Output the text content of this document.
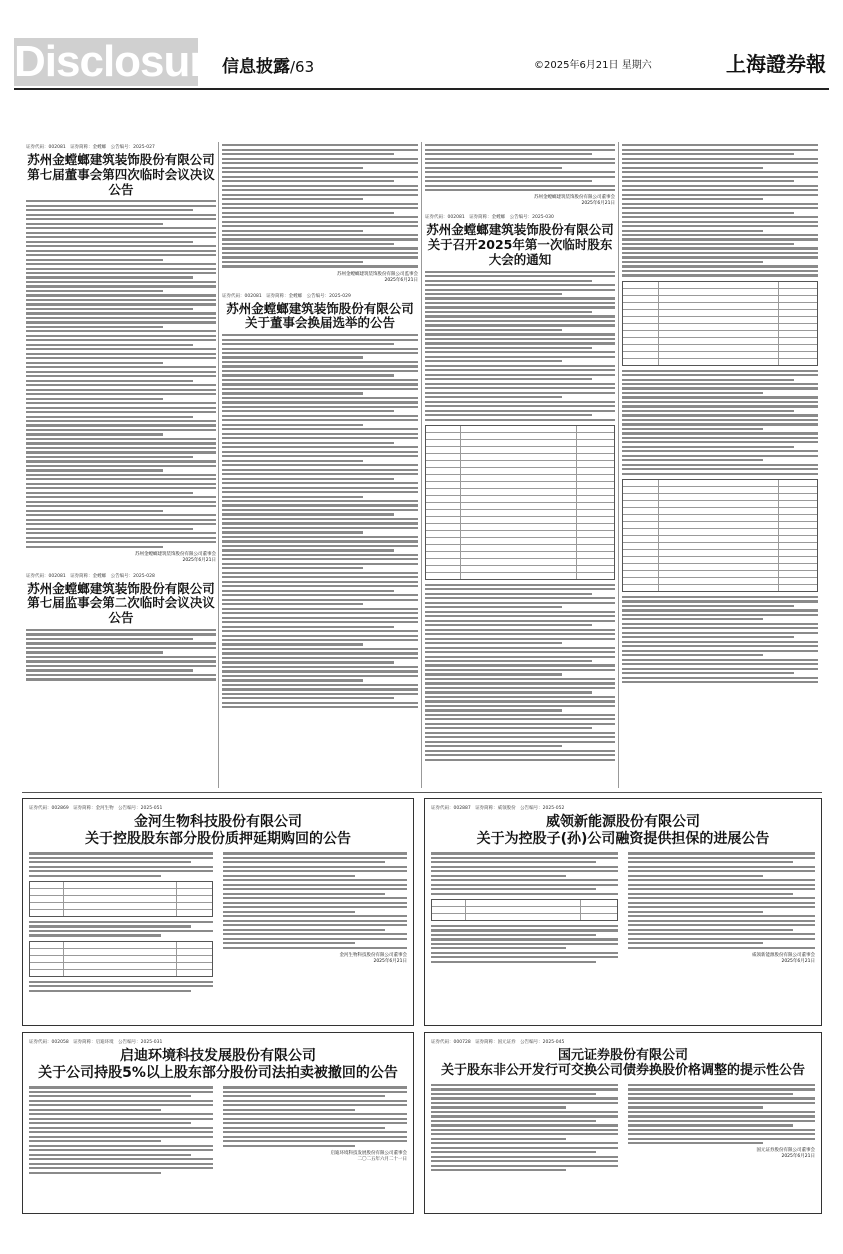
Disclosure
信息披露/63	©2025年6月21日 星期六	上海證券報
证券代码：002081　证券简称：金螳螂　公告编号：2025-027
苏州金螳螂建筑装饰股份有限公司
第七届董事会第四次临时会议决议公告
苏州金螳螂建筑装饰股份有限公司董事会
2025年6月21日
证券代码：002081　证券简称：金螳螂　公告编号：2025-028
苏州金螳螂建筑装饰股份有限公司
第七届监事会第二次临时会议决议公告
苏州金螳螂建筑装饰股份有限公司监事会
2025年6月21日
证券代码：002081　证券简称：金螳螂　公告编号：2025-029
苏州金螳螂建筑装饰股份有限公司
关于董事会换届选举的公告
苏州金螳螂建筑装饰股份有限公司董事会
2025年6月21日
证券代码：002081　证券简称：金螳螂　公告编号：2025-030
苏州金螳螂建筑装饰股份有限公司
关于召开2025年第一次临时股东大会的通知
证券代码：002869　证券简称：金河生物　公告编号：2025-051
金河生物科技股份有限公司
关于控股股东部分股份质押延期购回的公告
金河生物科技股份有限公司董事会
2025年6月21日
证券代码：002887　证券简称：威领股份　公告编号：2025-052
威领新能源股份有限公司
关于为控股子(孙)公司融资提供担保的进展公告
威领新能源股份有限公司董事会
2025年6月21日
证券代码：002058　证券简称：启迪环境　公告编号：2025-031
启迪环境科技发展股份有限公司
关于公司持股5%以上股东部分股份司法拍卖被撤回的公告
启迪环境科技发展股份有限公司董事会
二〇二五年六月二十一日
证券代码：000728　证券简称：国元证券　公告编号：2025-045
国元证券股份有限公司
关于股东非公开发行可交换公司债券换股价格调整的提示性公告
国元证券股份有限公司董事会
2025年6月21日
